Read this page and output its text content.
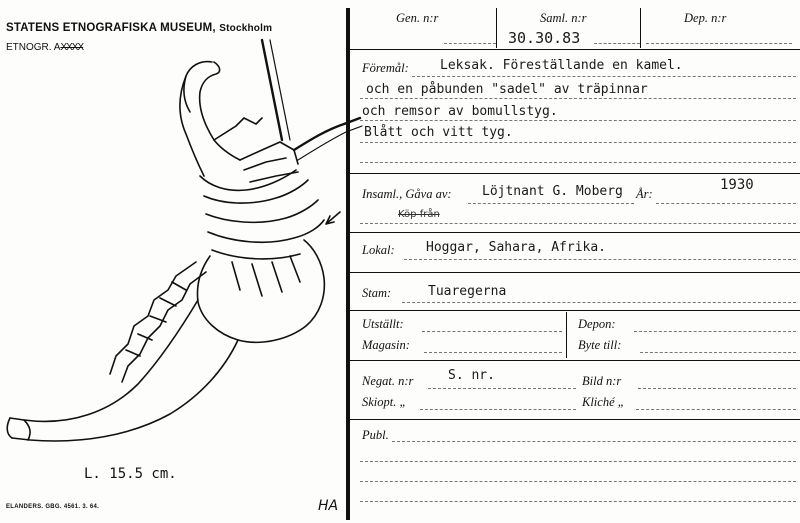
STATENS ETNOGRAFISKA MUSEUM, Stockholm
ETNOGR. AXXXX
L. 15.5 cm.
ELANDERS. GBG. 4561. 3. 64.	HA
Gen. n:r	Saml. n:r
30.30.83
Dep. n:r
Föremål: Leksak. Föreställande en kamel.
och en påbunden "sadel" av träpinnar
och remsor av bomullstyg.
Blått och vitt tyg.
Insaml., Gåva av: Löjtnant G. Moberg År:
1930
Köp från
Lokal: Hoggar, Sahara, Afrika.
Stam:	Tuaregerna
Utställt:
Magasin:
Depon:
Byte till:
Negat. n:r	S. nr.	Bild n:r
Skiopt. „	Kliché „
Publ.
